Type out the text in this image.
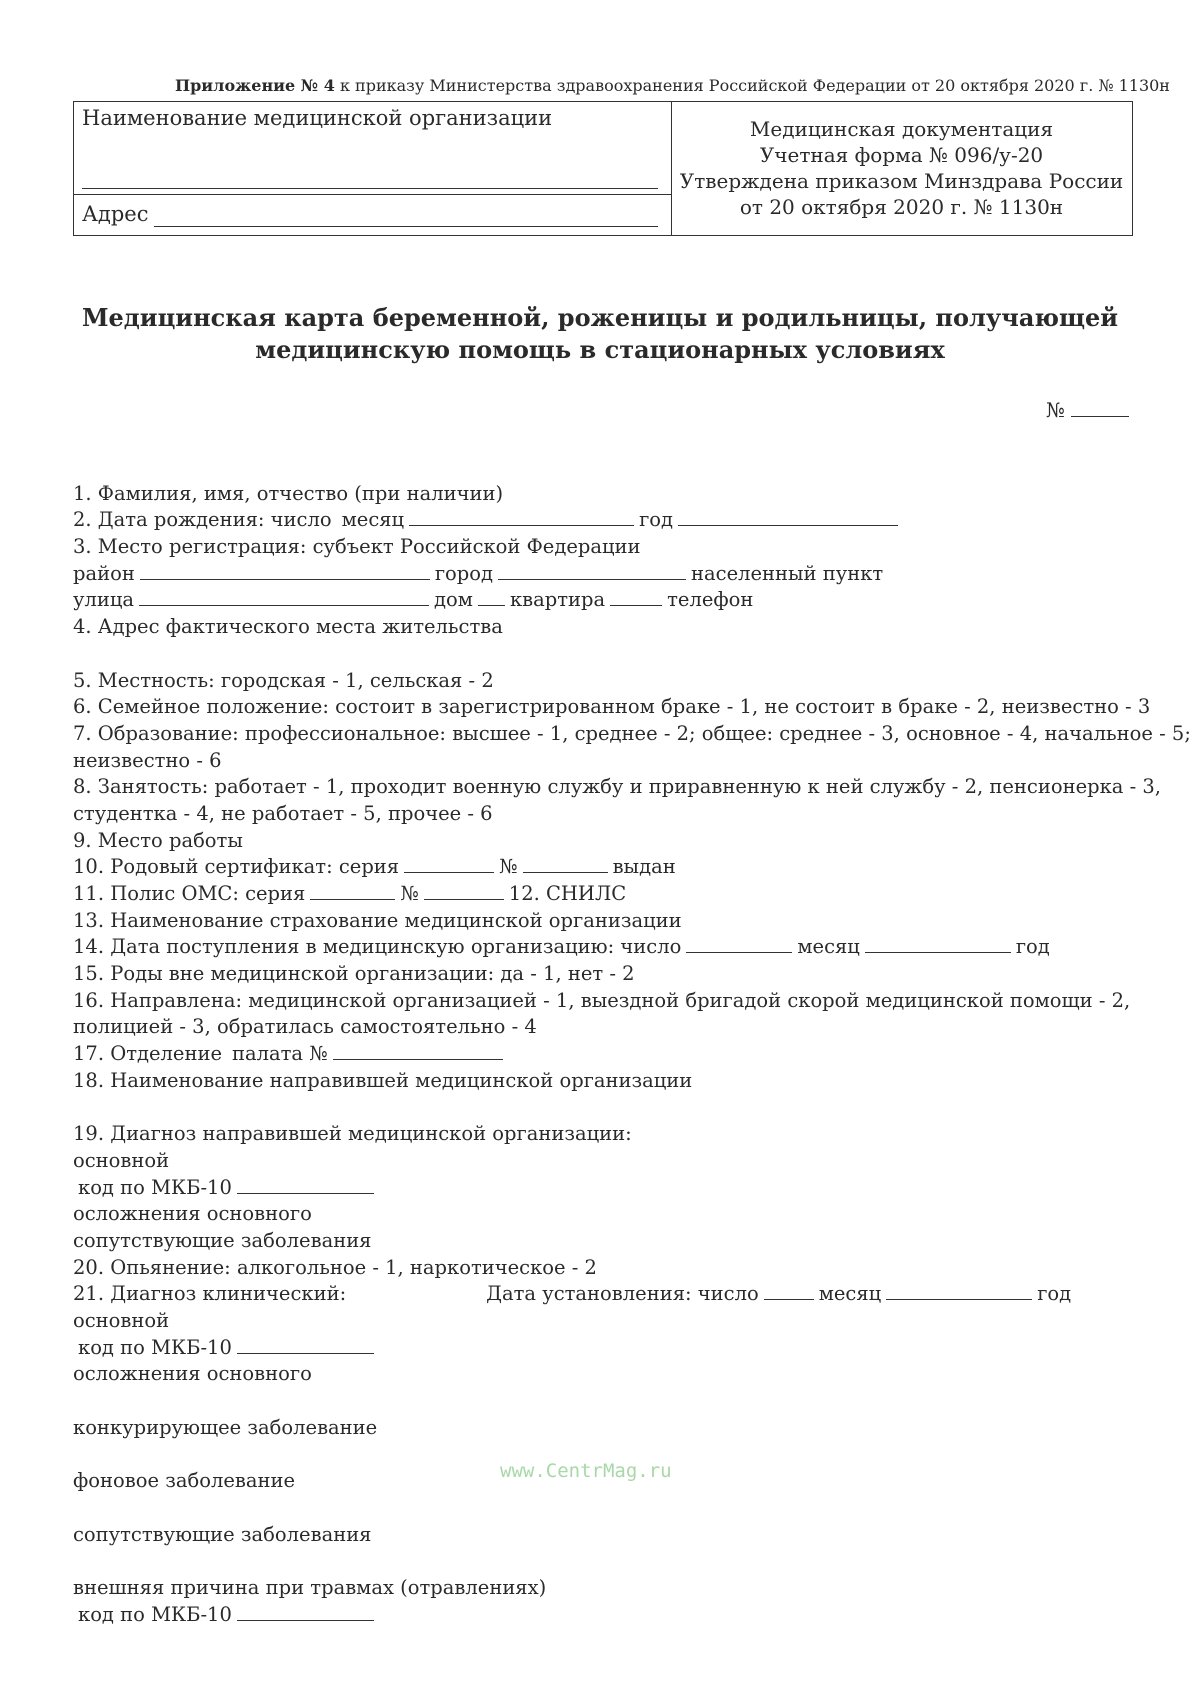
Приложение № 4 к приказу Министерства здравоохранения Российской Федерации от 20 октября 2020 г. № 1130н
Наименование медицинской организации
Адрес
Медицинская документация
Учетная форма № 096/у-20
Утверждена приказом Минздрава России
от 20 октября 2020 г. № 1130н
Медицинская карта беременной, роженицы и родильницы, получающей
медицинскую помощь в стационарных условиях
№
1. Фамилия, имя, отчество (при наличии)
2. Дата рождения: число месяц	год
3. Место регистрация: субъект Российской Федерации
район	город	населенный пункт
улица	дом квартира	телефон
4. Адрес фактического места жительства
5. Местность: городская - 1, сельская - 2
6. Семейное положение: состоит в зарегистрированном браке - 1, не состоит в браке - 2, неизвестно - 3
7. Образование: профессиональное: высшее - 1, среднее - 2; общее: среднее - 3, основное - 4, начальное - 5;
неизвестно - 6
8. Занятость: работает - 1, проходит военную службу и приравненную к ней службу - 2, пенсионерка - 3,
студентка - 4, не работает - 5, прочее - 6
9. Место работы
10. Родовый сертификат: серия	№	выдан
11. Полис ОМС: серия	№	12. СНИЛС
13. Наименование страхование медицинской организации
14. Дата поступления в медицинскую организацию: число	месяц	год
15. Роды вне медицинской организации: да - 1, нет - 2
16. Направлена: медицинской организацией - 1, выездной бригадой скорой медицинской помощи - 2,
полицией - 3, обратилась самостоятельно - 4
17. Отделение палата №
18. Наименование направившей медицинской организации
19. Диагноз направившей медицинской организации:
основной
код по МКБ-10
осложнения основного
сопутствующие заболевания
20. Опьянение: алкогольное - 1, наркотическое - 2
21. Диагноз клинический:	Дата установления: число	месяц	год
основной
код по МКБ-10
осложнения основного
конкурирующее заболевание
фоновое заболевание
сопутствующие заболевания
внешняя причина при травмах (отравлениях)
код по МКБ-10
www.CentrMag.ru
